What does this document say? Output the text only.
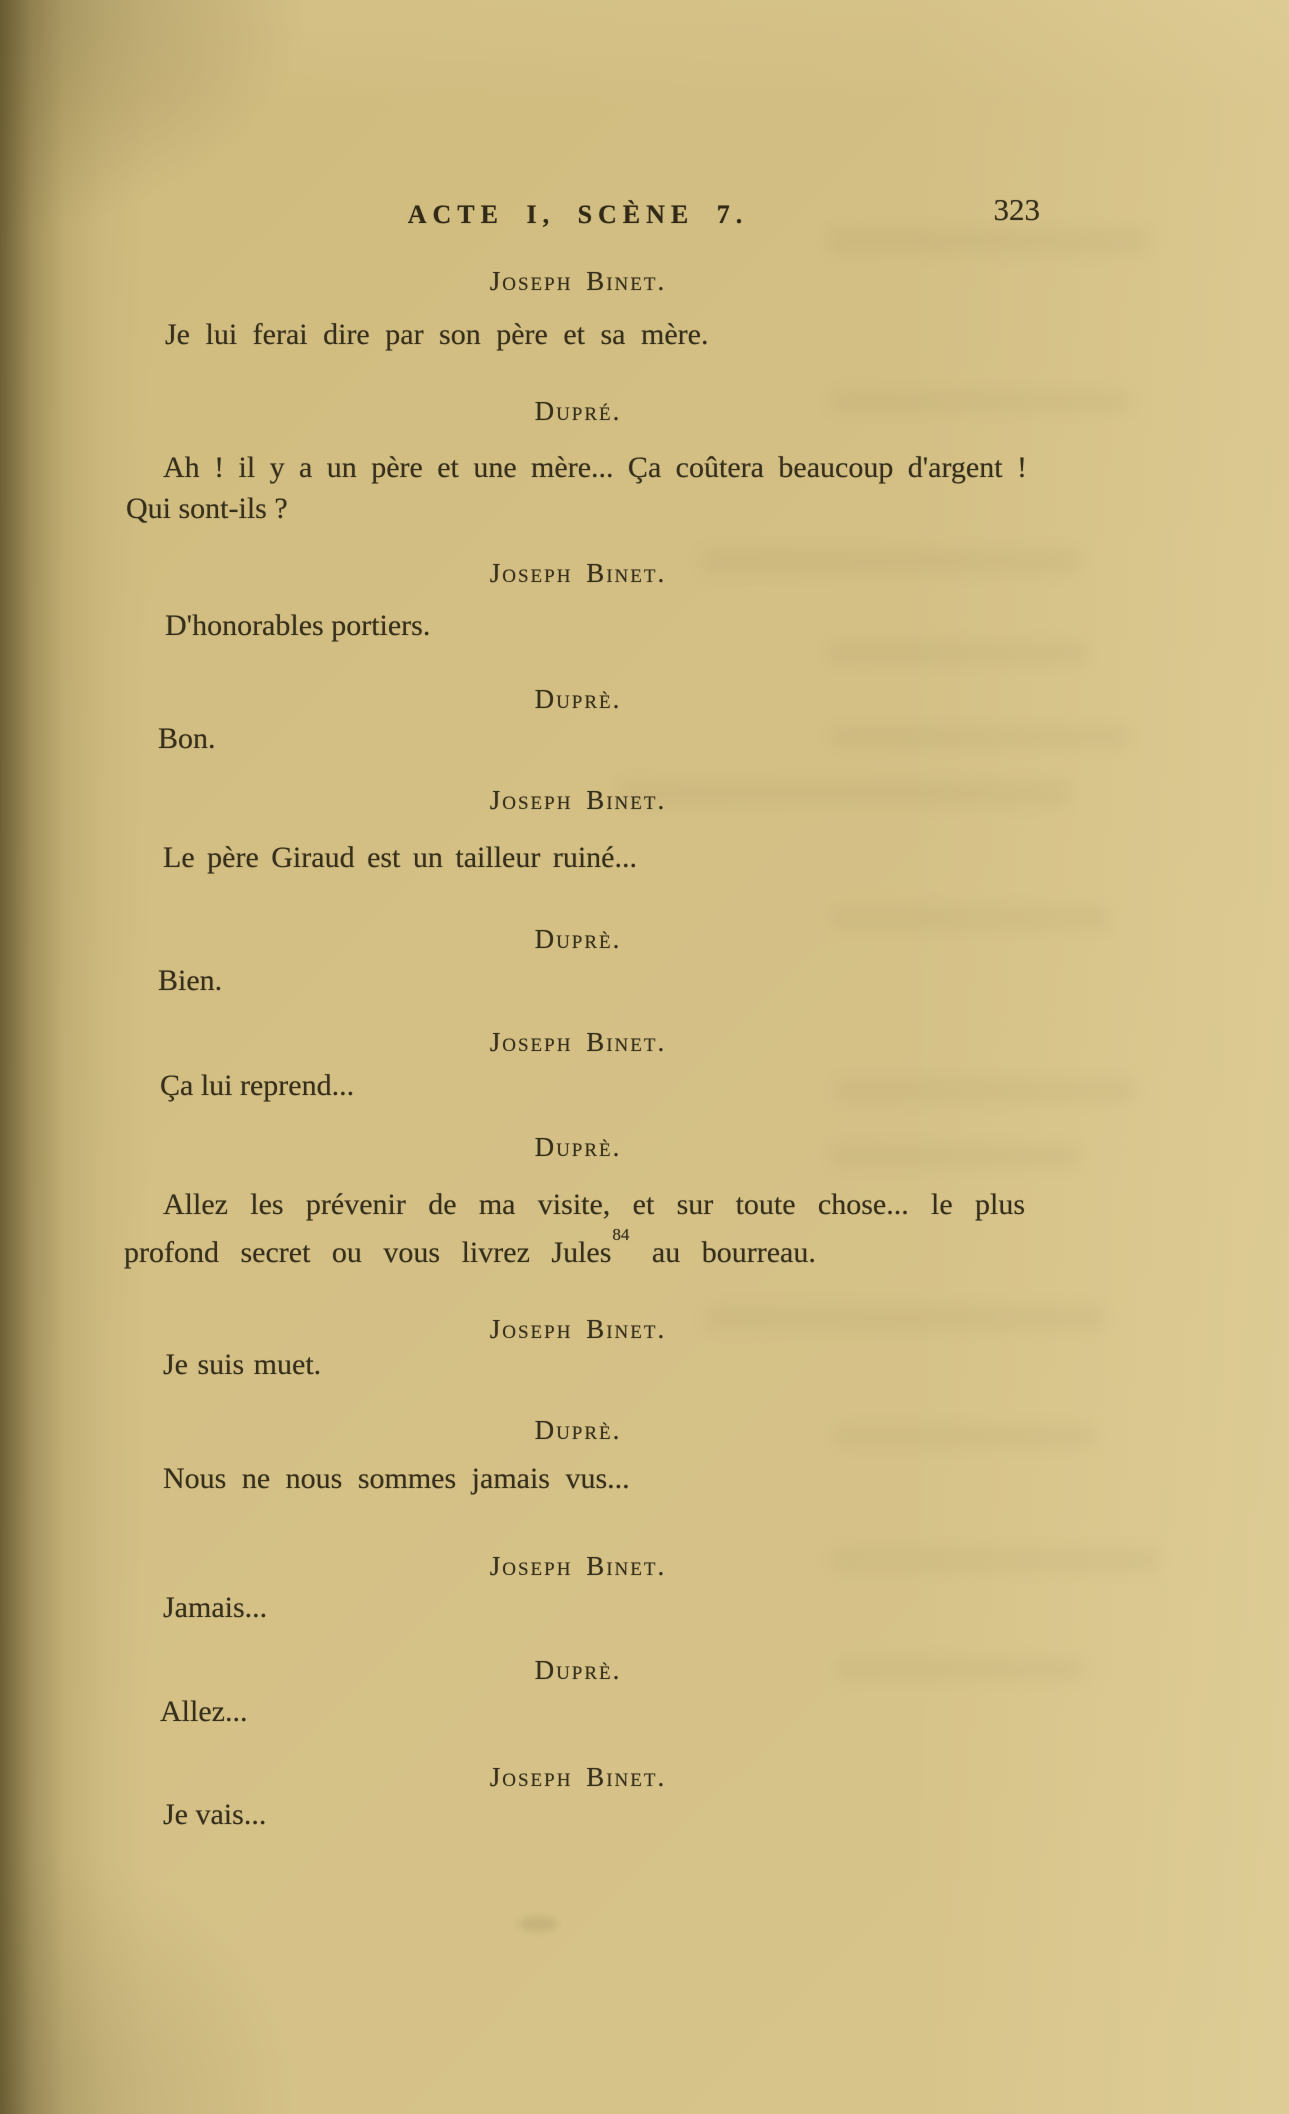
ACTE I, SCÈNE 7.	323
Joseph Binet.
Je lui ferai dire par son père et sa mère.
Dupré.
Ah ! il y a un père et une mère... Ça coûtera beaucoup d'argent !
Qui sont-ils ?
Joseph Binet.
D'honorables portiers.
Duprè.
Bon.
Joseph Binet.
Le père Giraud est un tailleur ruiné...
Duprè.
Bien.
Joseph Binet.
Ça lui reprend...
Duprè.
Allez les prévenir de ma visite, et sur toute chose... le plus
profond secret ou vous livrez Jules$^{84}$ au bourreau.
Joseph Binet.
Je suis muet.
Duprè.
Nous ne nous sommes jamais vus...
Joseph Binet.
Jamais...
Duprè.
Allez...
Joseph Binet.
Je vais...
